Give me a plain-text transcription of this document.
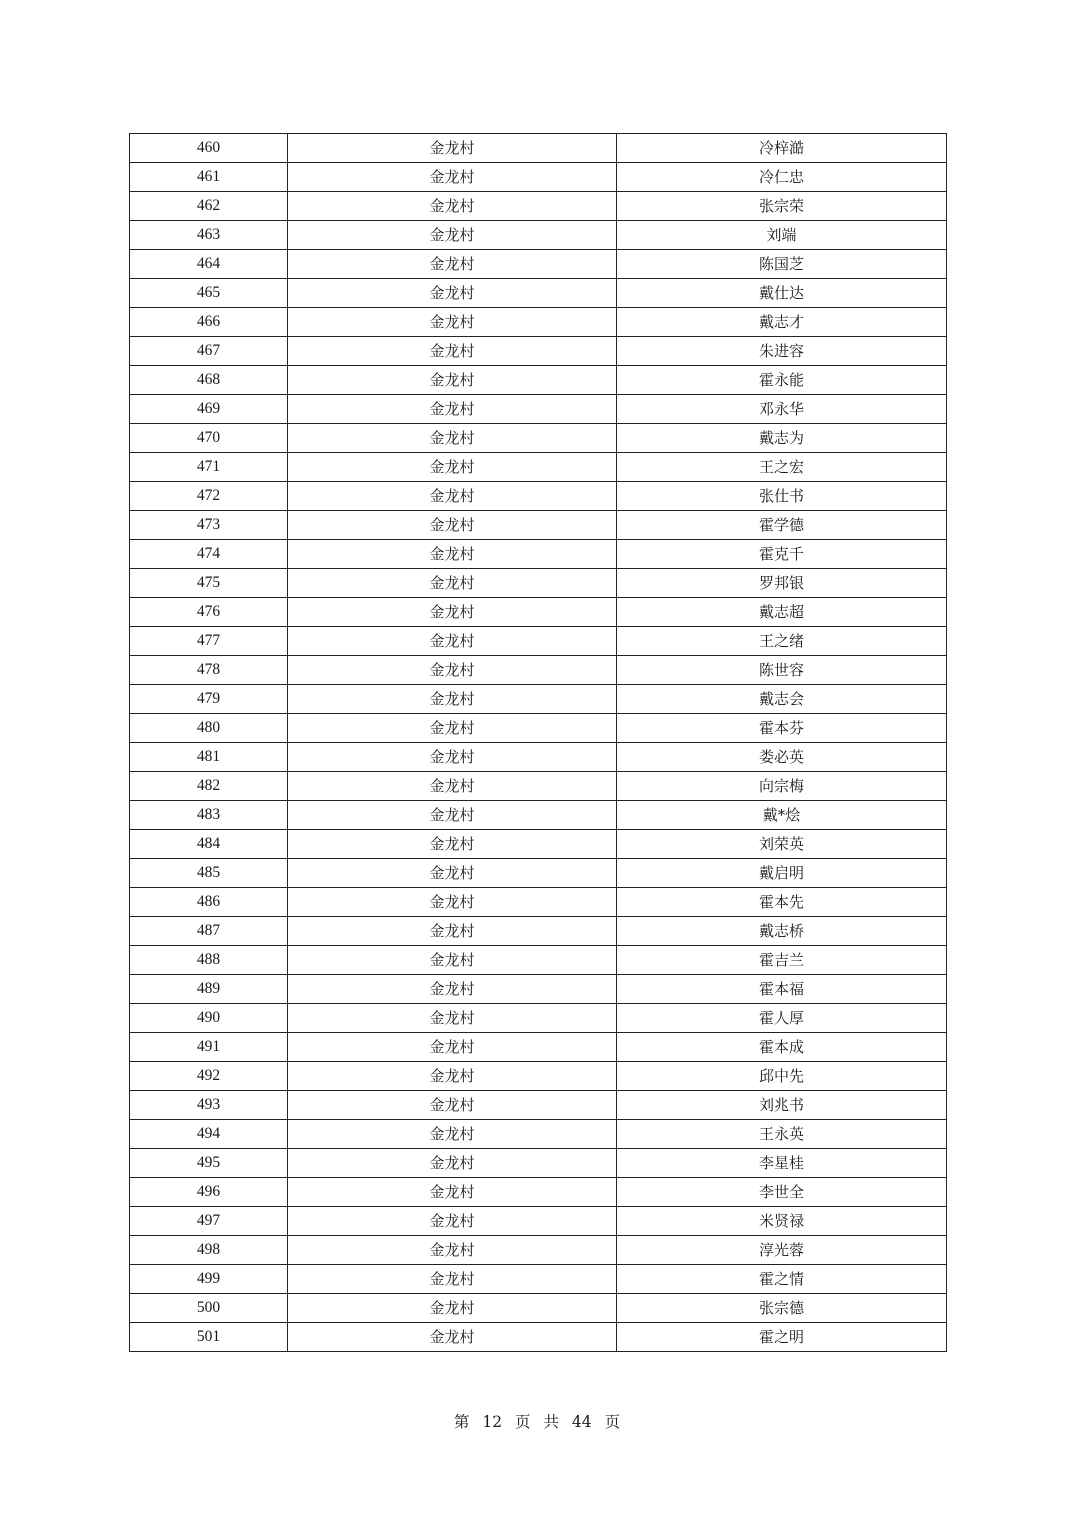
460	金龙村	冷梓澔
461	金龙村	冷仁忠
462	金龙村	张宗荣
463	金龙村	刘端
464	金龙村	陈国芝
465	金龙村	戴仕达
466	金龙村	戴志才
467	金龙村	朱进容
468	金龙村	霍永能
469	金龙村	邓永华
470	金龙村	戴志为
471	金龙村	王之宏
472	金龙村	张仕书
473	金龙村	霍学德
474	金龙村	霍克千
475	金龙村	罗邦银
476	金龙村	戴志超
477	金龙村	王之绪
478	金龙村	陈世容
479	金龙村	戴志会
480	金龙村	霍本芬
481	金龙村	娄必英
482	金龙村	向宗梅
483	金龙村	戴*烩
484	金龙村	刘荣英
485	金龙村	戴启明
486	金龙村	霍本先
487	金龙村	戴志桥
488	金龙村	霍吉兰
489	金龙村	霍本福
490	金龙村	霍人厚
491	金龙村	霍本成
492	金龙村	邱中先
493	金龙村	刘兆书
494	金龙村	王永英
495	金龙村	李星桂
496	金龙村	李世全
497	金龙村	米贤禄
498	金龙村	淳光蓉
499	金龙村	霍之情
500	金龙村	张宗德
501	金龙村	霍之明
第 12 页 共 44 页
